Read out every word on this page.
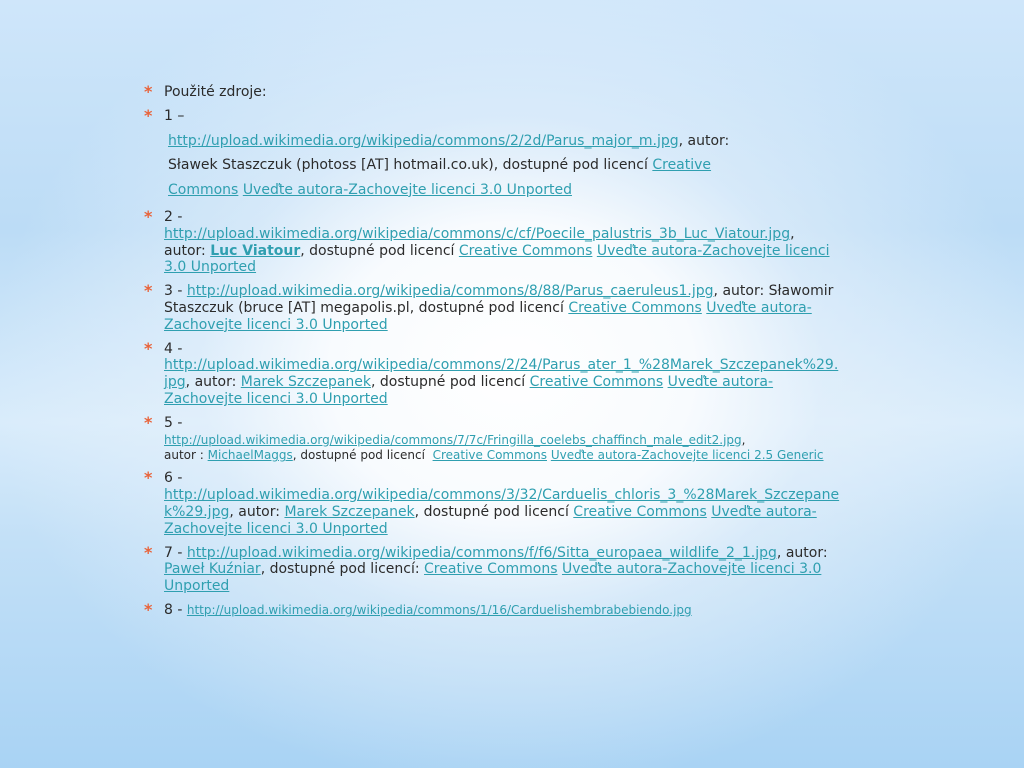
* Použité zdroje:
* 1 –
http://upload.wikimedia.org/wikipedia/commons/2/2d/Parus_major_m.jpg, autor:
Sławek Staszczuk (photoss [AT] hotmail.co.uk), dostupné pod licencí Creative
Commons Uveďte autora-Zachovejte licenci 3.0 Unported
* 2 -
http://upload.wikimedia.org/wikipedia/commons/c/cf/Poecile_palustris_3b_Luc_Viatour.jpg,
autor: Luc Viatour, dostupné pod licencí Creative Commons Uveďte autora-Zachovejte licenci 3.0 Unported
* 3 - http://upload.wikimedia.org/wikipedia/commons/8/88/Parus_caeruleus1.jpg, autor: Sławomir Staszczuk (bruce [AT] megapolis.pl, dostupné pod licencí Creative Commons Uveďte autora-Zachovejte licenci 3.0 Unported
* 4 -
http://upload.wikimedia.org/wikipedia/commons/2/24/Parus_ater_1_%28Marek_Szczepanek%29.jpg, autor: Marek Szczepanek, dostupné pod licencí Creative Commons Uveďte autora-Zachovejte licenci 3.0 Unported
* 5 -
http://upload.wikimedia.org/wikipedia/commons/7/7c/Fringilla_coelebs_chaffinch_male_edit2.jpg,
autor : MichaelMaggs, dostupné pod licencí Creative Commons Uveďte autora-Zachovejte licenci 2.5 Generic
* 6 -
http://upload.wikimedia.org/wikipedia/commons/3/32/Carduelis_chloris_3_%28Marek_Szczepanek%29.jpg, autor: Marek Szczepanek, dostupné pod licencí Creative Commons Uveďte autora-Zachovejte licenci 3.0 Unported
* 7 - http://upload.wikimedia.org/wikipedia/commons/f/f6/Sitta_europaea_wildlife_2_1.jpg, autor: Paweł Kuźniar, dostupné pod licencí: Creative Commons Uveďte autora-Zachovejte licenci 3.0 Unported
* 8 - http://upload.wikimedia.org/wikipedia/commons/1/16/Carduelishembrabebiendo.jpg
